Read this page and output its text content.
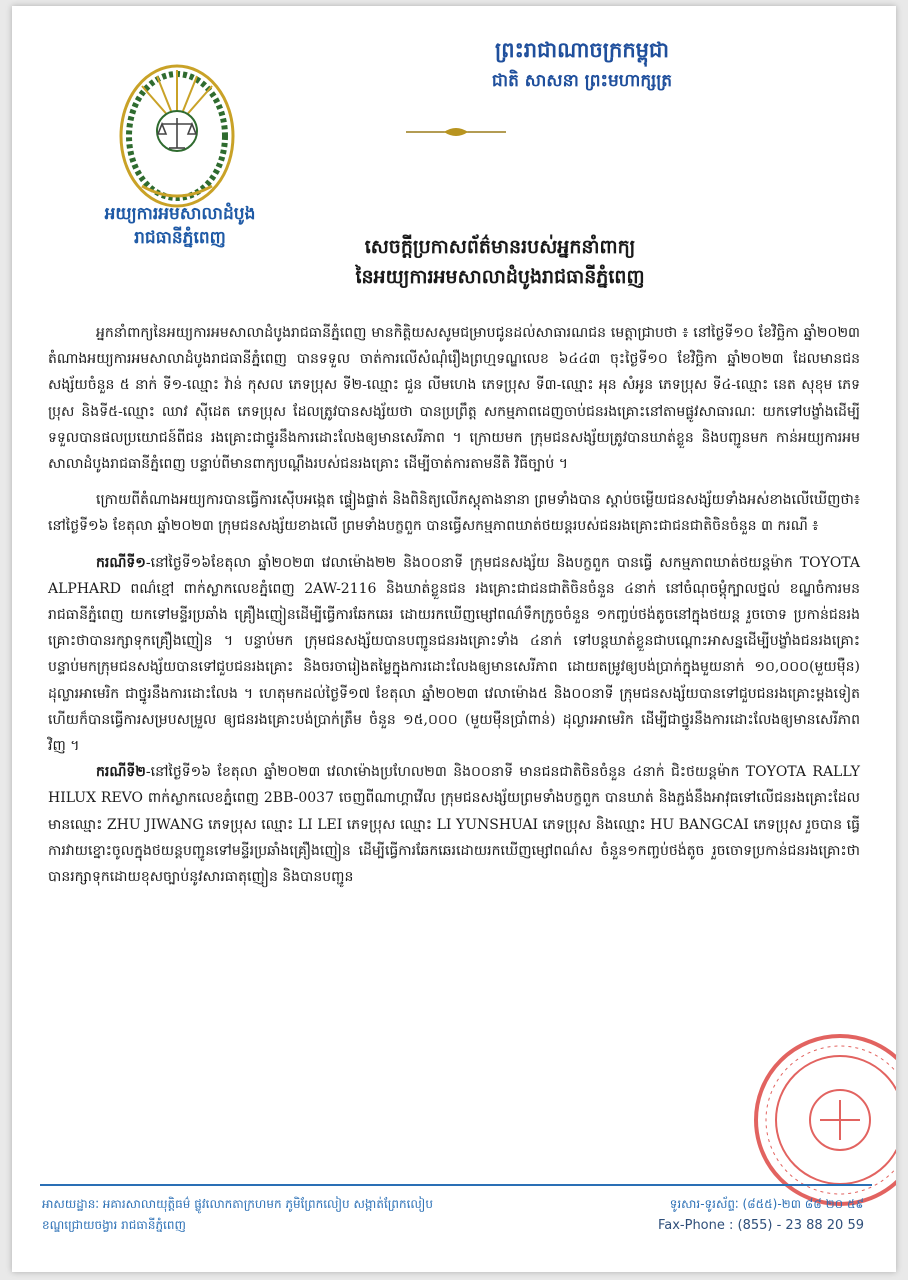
អយ្យការអមសាលាដំបូង
រាជធានីភ្នំពេញ
ព្រះរាជាណាចក្រកម្ពុជា
ជាតិ សាសនា ព្រះមហាក្សត្រ
សេចក្តីប្រកាសព័ត៌មានរបស់អ្នកនាំពាក្យ
នៃអយ្យការអមសាលាដំបូងរាជធានីភ្នំពេញ

អ្នកនាំពាក្យនៃអយ្យការអមសាលាដំបូងរាជធានីភ្នំពេញ មានកិត្តិយសសូមជម្រាបជូនដល់សាធារណជន មេត្តាជ្រាបថា ៖ នៅថ្ងៃទី១០ ខែវិច្ឆិកា ឆ្នាំ២០២៣ តំណាងអយ្យការអមសាលាដំបូងរាជធានីភ្នំពេញ បានទទួល ចាត់ការលើសំណុំរឿងព្រហ្មទណ្ឌលេខ ៦៤៤៣ ចុះថ្ងៃទី១០ ខែវិច្ឆិកា ឆ្នាំ២០២៣ ដែលមានជនសង្ស័យចំនួន ៥ នាក់ ទី១-ឈ្មោះ វ៉ាន់ កុសល ភេទប្រុស ទី២-ឈ្មោះ ជួន លីមហេង ភេទប្រុស ទី៣-ឈ្មោះ អុន សំអូន ភេទប្រុស ទី៤-ឈ្មោះ នេត សុខុម ភេទប្រុស និងទី៥-ឈ្មោះ ឈាវ ស៊ីដេត ភេទប្រុស ដែលត្រូវបានសង្ស័យថា បានប្រព្រឹត្ត សកម្មភាពដេញចាប់ជនរងគ្រោះនៅតាមផ្លូវសាធារណៈ យកទៅបង្ខាំងដើម្បីទទួលបានផលប្រយោជន៍ពីជន រងគ្រោះជាថ្នូរនឹងការដោះលែងឲ្យមានសេរីភាព ។ ក្រោយមក ក្រុមជនសង្ស័យត្រូវបានឃាត់ខ្លួន និងបញ្ជូនមក កាន់អយ្យការអមសាលាដំបូងរាជធានីភ្នំពេញ បន្ទាប់ពីមានពាក្យបណ្តឹងរបស់ជនរងគ្រោះ ដើម្បីចាត់ការតាមនីតិ វិធីច្បាប់ ។

ក្រោយពីតំណាងអយ្យការបានធ្វើការស៊ើបអង្កេត ផ្ទៀងផ្ទាត់ និងពិនិត្យលើភស្តុតាងនានា ព្រមទាំងបាន ស្តាប់ចម្លើយជនសង្ស័យទាំងអស់ខាងលើឃើញថា៖ នៅថ្ងៃទី១៦ ខែតុលា ឆ្នាំ២០២៣ ក្រុមជនសង្ស័យខាងលើ ព្រមទាំងបក្ខពួក បានធ្វើសកម្មភាពឃាត់ថយន្តរបស់ជនរងគ្រោះជាជនជាតិចិនចំនួន ៣ ករណី ៖

ករណីទី១-នៅថ្ងៃទី១៦ខែតុលា ឆ្នាំ២០២៣ វេលាម៉ោង២២ និង០០នាទី ក្រុមជនសង្ស័យ និងបក្ខពួក បានធ្វើ សកម្មភាពឃាត់ថយន្តម៉ាក TOYOTA ALPHARD ពណ៌ខ្មៅ ពាក់ស្លាកលេខភ្នំពេញ 2AW-2116 និងឃាត់ខ្លួនជន រងគ្រោះជាជនជាតិចិនចំនួន ៤នាក់ នៅចំណុចម្តុំក្បាលថ្នល់ ខណ្ឌចំការមន រាជធានីភ្នំពេញ យកទៅមន្ទីរប្រឆាំង គ្រឿងញៀនដើម្បីធ្វើការឆែកឆេរ ដោយរកឃើញម្សៅពណ៌ទឹកក្រូចចំនួន ១កញ្ចប់ថង់តូចនៅក្នុងថយន្ត រួចចោទ ប្រកាន់ជនរងគ្រោះថាបានរក្សាទុកគ្រឿងញៀន ។ បន្ទាប់មក ក្រុមជនសង្ស័យបានបញ្ជូនជនរងគ្រោះទាំង ៤នាក់ ទៅបន្តឃាត់ខ្លួនជាបណ្តោះអាសន្នដើម្បីបង្ខាំងជនរងគ្រោះ បន្ទាប់មកក្រុមជនសង្ស័យបានទៅជួបជនរងគ្រោះ និងចរចារៀងតម្លៃក្នុងការដោះលែងឲ្យមានសេរីភាព ដោយតម្រូវឲ្យបង់ប្រាក់ក្នុងមួយនាក់ ១០,០០០(មួយម៉ឺន) ដុល្លារអាមេរិក ជាថ្នូរនឹងការដោះលែង ។ ហេតុមកដល់ថ្ងៃទី១៧ ខែតុលា ឆ្នាំ២០២៣ វេលាម៉ោង៥ និង០០នាទី ក្រុមជនសង្ស័យបានទៅជួបជនរងគ្រោះម្តងទៀត ហើយក៏បានធ្វើការសម្របសម្រួល ឲ្យជនរងគ្រោះបង់ប្រាក់ត្រឹម ចំនួន ១៥,០០០ (មួយម៉ឺនប្រាំពាន់) ដុល្លារអាមេរិក ដើម្បីជាថ្នូរនឹងការដោះលែងឲ្យមានសេរីភាពវិញ ។

ករណីទី២-នៅថ្ងៃទី១៦ ខែតុលា ឆ្នាំ២០២៣ វេលាម៉ោងប្រហែល២៣ និង០០នាទី មានជនជាតិចិនចំនួន ៤នាក់ ជិះថយន្តម៉ាក TOYOTA RALLY HILUX REVO ពាក់ស្លាកលេខភ្នំពេញ 2BB-0037 ចេញពីណាហ្គាវើល ក្រុមជនសង្ស័យព្រមទាំងបក្ខពួក បានឃាត់ និងភ្ជង់នឹងអាវុធទៅលើជនរងគ្រោះដែលមានឈ្មោះ ZHU JIWANG ភេទប្រុស ឈ្មោះ LI LEI ភេទប្រុស ឈ្មោះ LI YUNSHUAI ភេទប្រុស និងឈ្មោះ HU BANGCAI ភេទប្រុស រួចបាន ធ្វើការវាយខ្នោះចូលក្នុងថយន្តបញ្ជូនទៅមន្ទីរប្រឆាំងគ្រឿងញៀន ដើម្បីធ្វើការឆែកឆេរដោយរកឃើញម្សៅពណ៌ស ចំនួន១កញ្ចប់ថង់តូច រួចចោទប្រកាន់ជនរងគ្រោះថាបានរក្សាទុកដោយខុសច្បាប់នូវសារធាតុញៀន និងបានបញ្ជូន

អាសយដ្ឋានៈ អគារសាលាយុត្តិធម៌ ផ្លូវលោកតាក្រហមក ភូមិព្រែកលៀប សង្កាត់ព្រែកលៀប
ខណ្ឌជ្រោយចង្វារ រាជធានីភ្នំពេញ
ទូរសារ-ទូរស័ព្ទៈ (៨៥៥)-២៣ ៨៨ ២០ ៥៩
Fax-Phone : (855) - 23 88 20 59
